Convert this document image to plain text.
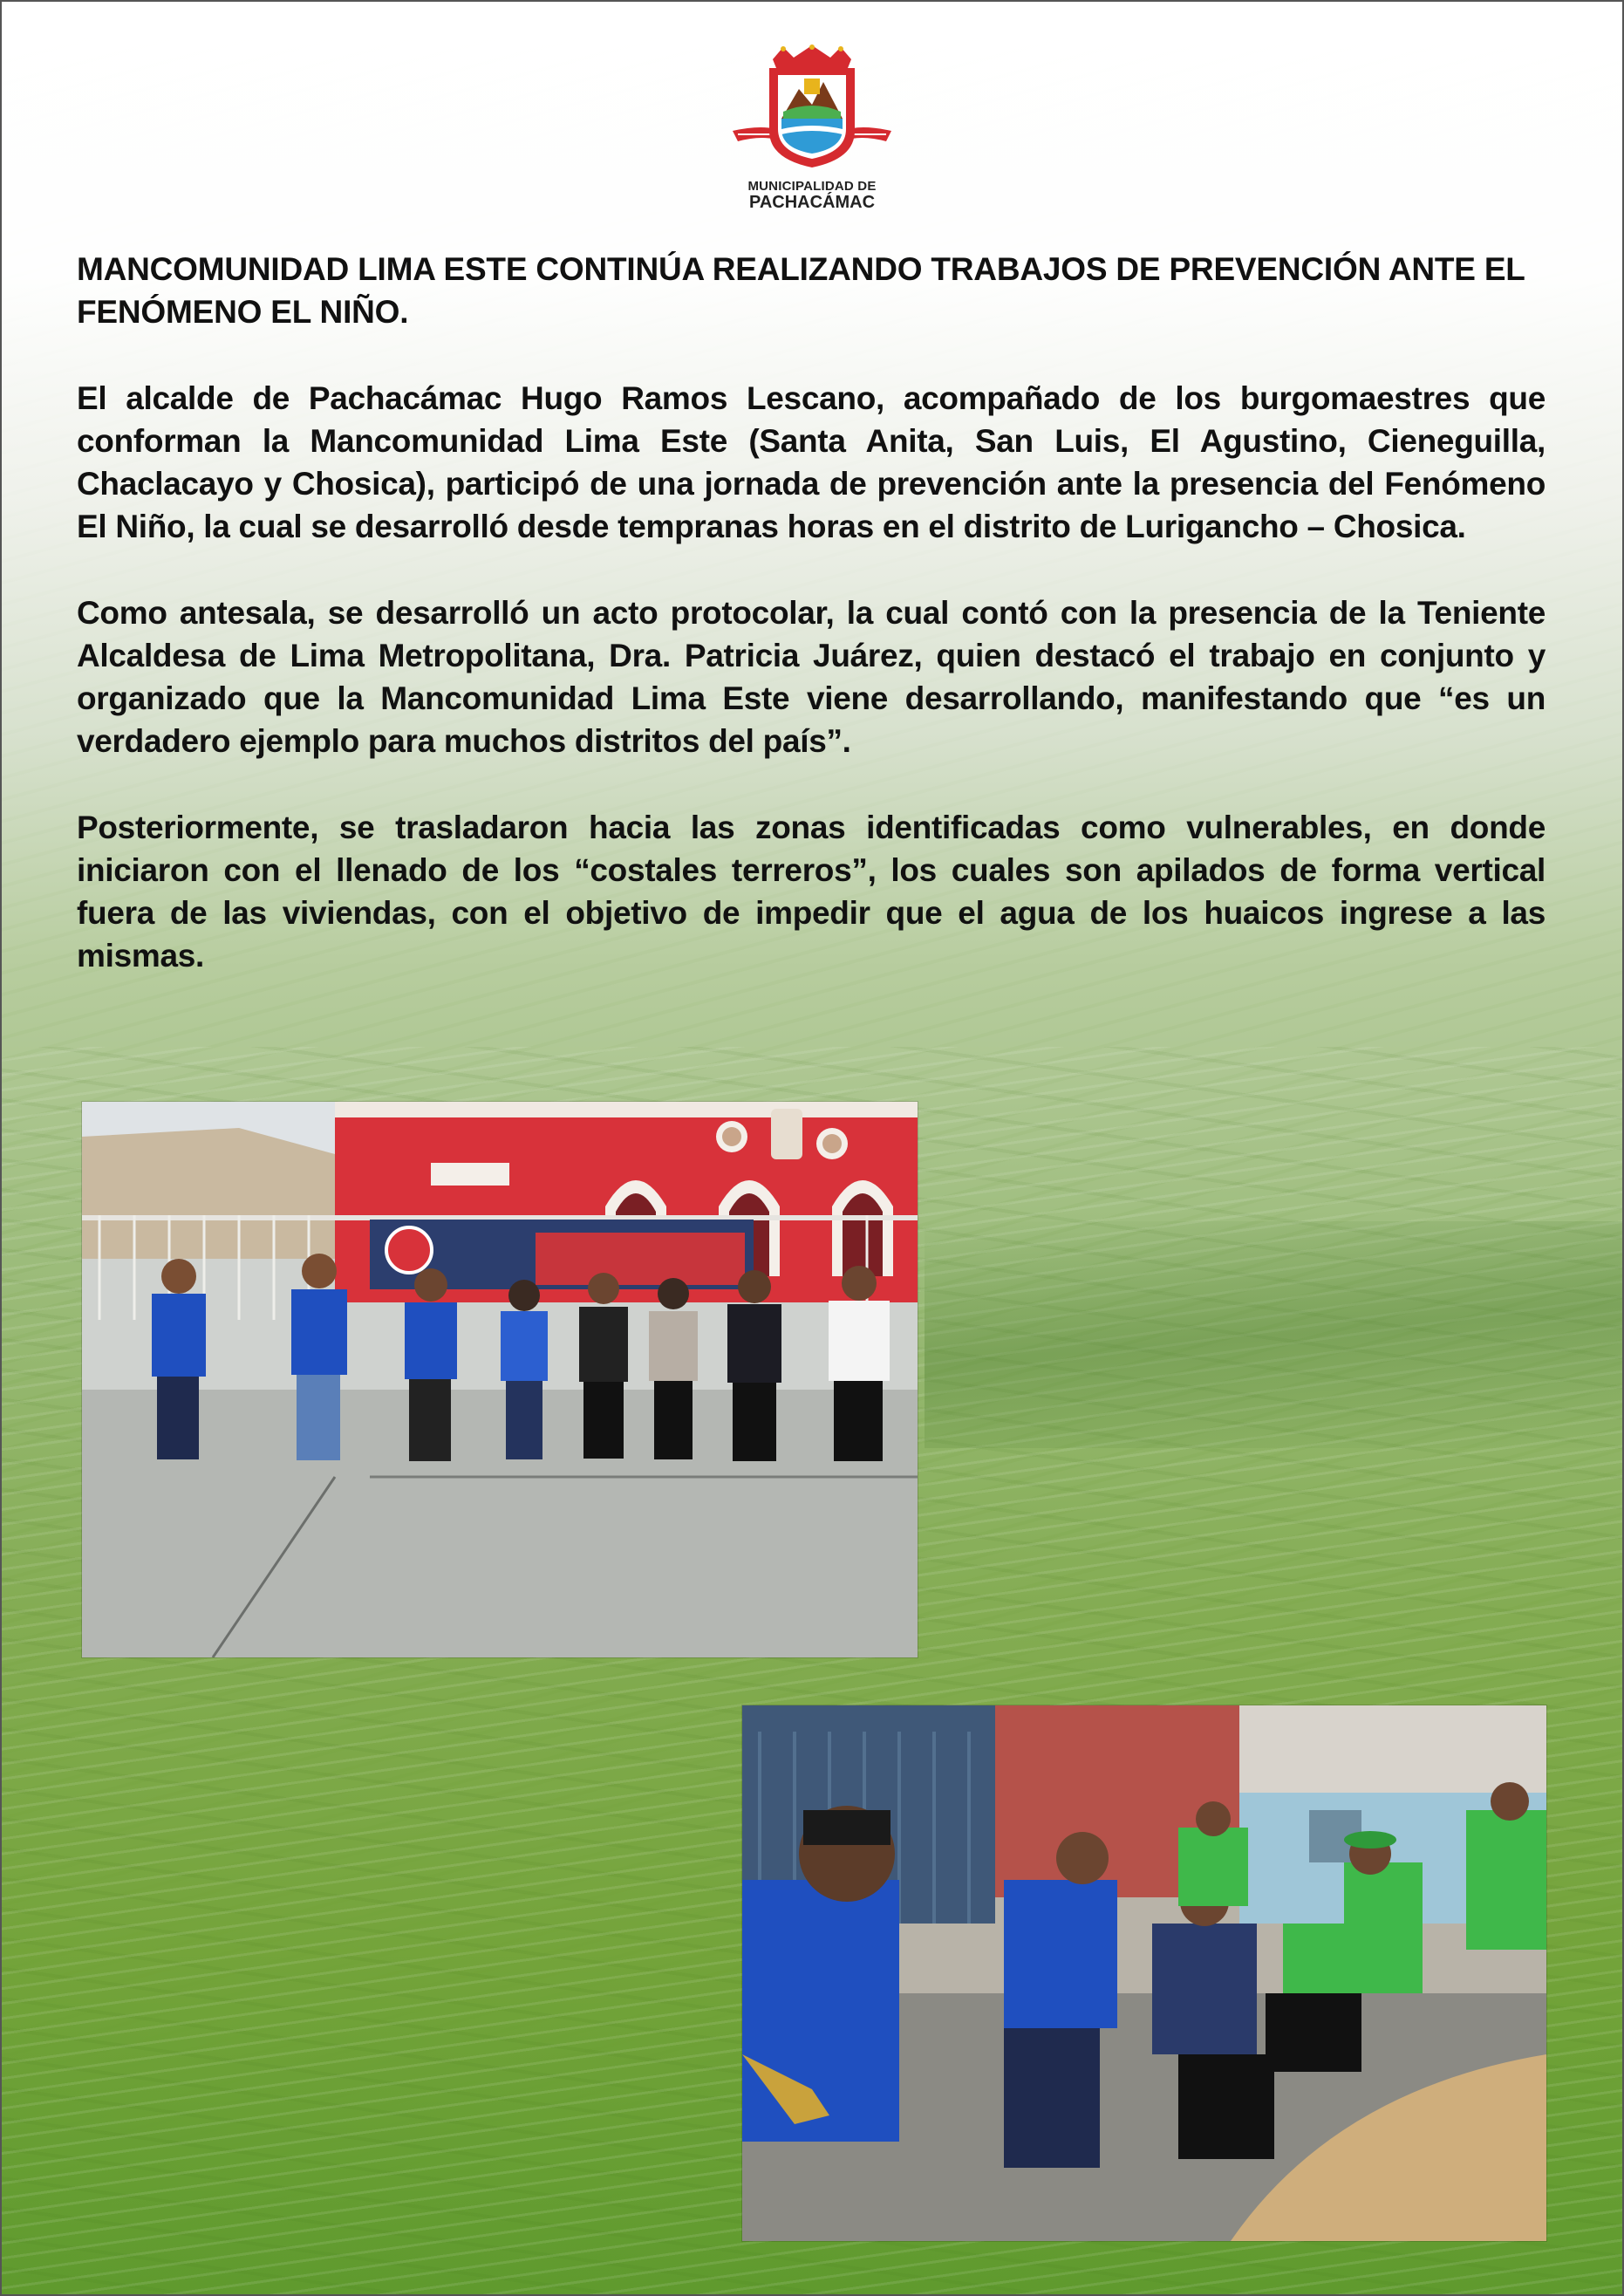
MUNICIPALIDAD DE
PACHACÁMAC
MANCOMUNIDAD LIMA ESTE CONTINÚA REALIZANDO TRABAJOS DE PREVENCIÓN ANTE EL FENÓMENO EL NIÑO.

El alcalde de Pachacámac Hugo Ramos Lescano, acompañado de los burgomaestres que conforman la Mancomunidad Lima Este (Santa Anita, San Luis, El Agustino, Cieneguilla, Chaclacayo y Chosica), participó de una jornada de prevención ante la presencia del Fenómeno El Niño, la cual se desarrolló desde tempranas horas en el distrito de Lurigancho – Chosica.

Como antesala, se desarrolló un acto protocolar, la cual contó con la presencia de la Teniente Alcaldesa de Lima Metropolitana, Dra. Patricia Juárez, quien destacó el trabajo en conjunto y organizado que la Mancomunidad Lima Este viene desarrollando, manifestando que “es un verdadero ejemplo para muchos distritos del país”.

Posteriormente, se trasladaron hacia las zonas identificadas como vulnerables, en donde iniciaron con el llenado de los “costales terreros”, los cuales son apilados de forma vertical fuera de las viviendas, con el objetivo de impedir que el agua de los huaicos ingrese a las mismas.
